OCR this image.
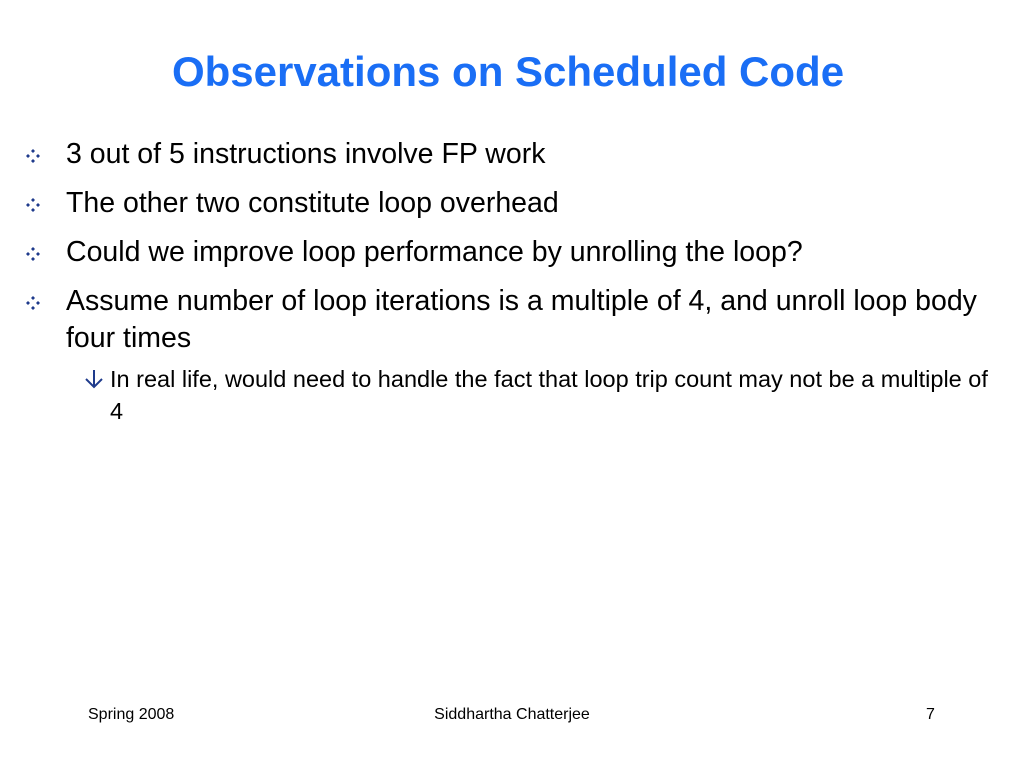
Observations on Scheduled Code
3 out of 5 instructions involve FP work
The other two constitute loop overhead
Could we improve loop performance by unrolling the loop?
Assume number of loop iterations is a multiple of 4, and unroll loop body four times
In real life, would need to handle the fact that loop trip count may not be a multiple of 4
Spring 2008	Siddhartha Chatterjee	7
